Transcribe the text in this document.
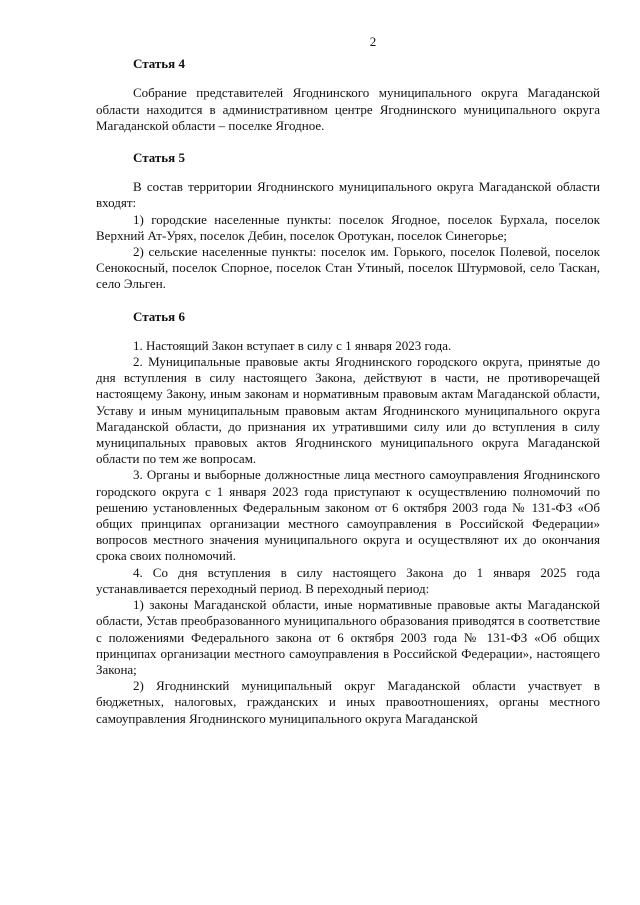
2
Статья 4

Собрание представителей Ягоднинского муниципального округа Магаданской области находится в административном центре Ягоднинского муниципального округа Магаданской области – поселке Ягодное.

Статья 5

В состав территории Ягоднинского муниципального округа Магаданской области входят:

1) городские населенные пункты: поселок Ягодное, поселок Бурхала, поселок Верхний Ат-Урях, поселок Дебин, поселок Оротукан, поселок Синегорье;

2) сельские населенные пункты: поселок им. Горького, поселок Полевой, поселок Сенокосный, поселок Спорное, поселок Стан Утиный, поселок Штурмовой, село Таскан, село Эльген.

Статья 6

1. Настоящий Закон вступает в силу с 1 января 2023 года.

2. Муниципальные правовые акты Ягоднинского городского округа, принятые до дня вступления в силу настоящего Закона, действуют в части, не противоречащей настоящему Закону, иным законам и нормативным правовым актам Магаданской области, Уставу и иным муниципальным правовым актам Ягоднинского муниципального округа Магаданской области, до признания их утратившими силу или до вступления в силу муниципальных правовых актов Ягоднинского муниципального округа Магаданской области по тем же вопросам.

3. Органы и выборные должностные лица местного самоуправления Ягоднинского городского округа с 1 января 2023 года приступают к осуществлению полномочий по решению установленных Федеральным законом от 6 октября 2003 года № 131-ФЗ «Об общих принципах организации местного самоуправления в Российской Федерации» вопросов местного значения муниципального округа и осуществляют их до окончания срока своих полномочий.

4. Со дня вступления в силу настоящего Закона до 1 января 2025 года устанавливается переходный период. В переходный период:

1) законы Магаданской области, иные нормативные правовые акты Магаданской области, Устав преобразованного муниципального образования приводятся в соответствие с положениями Федерального закона от 6 октября 2003 года № 131-ФЗ «Об общих принципах организации местного самоуправления в Российской Федерации», настоящего Закона;

2) Ягоднинский муниципальный округ Магаданской области участвует в бюджетных, налоговых, гражданских и иных правоотношениях, органы местного самоуправления Ягоднинского муниципального округа Магаданской
